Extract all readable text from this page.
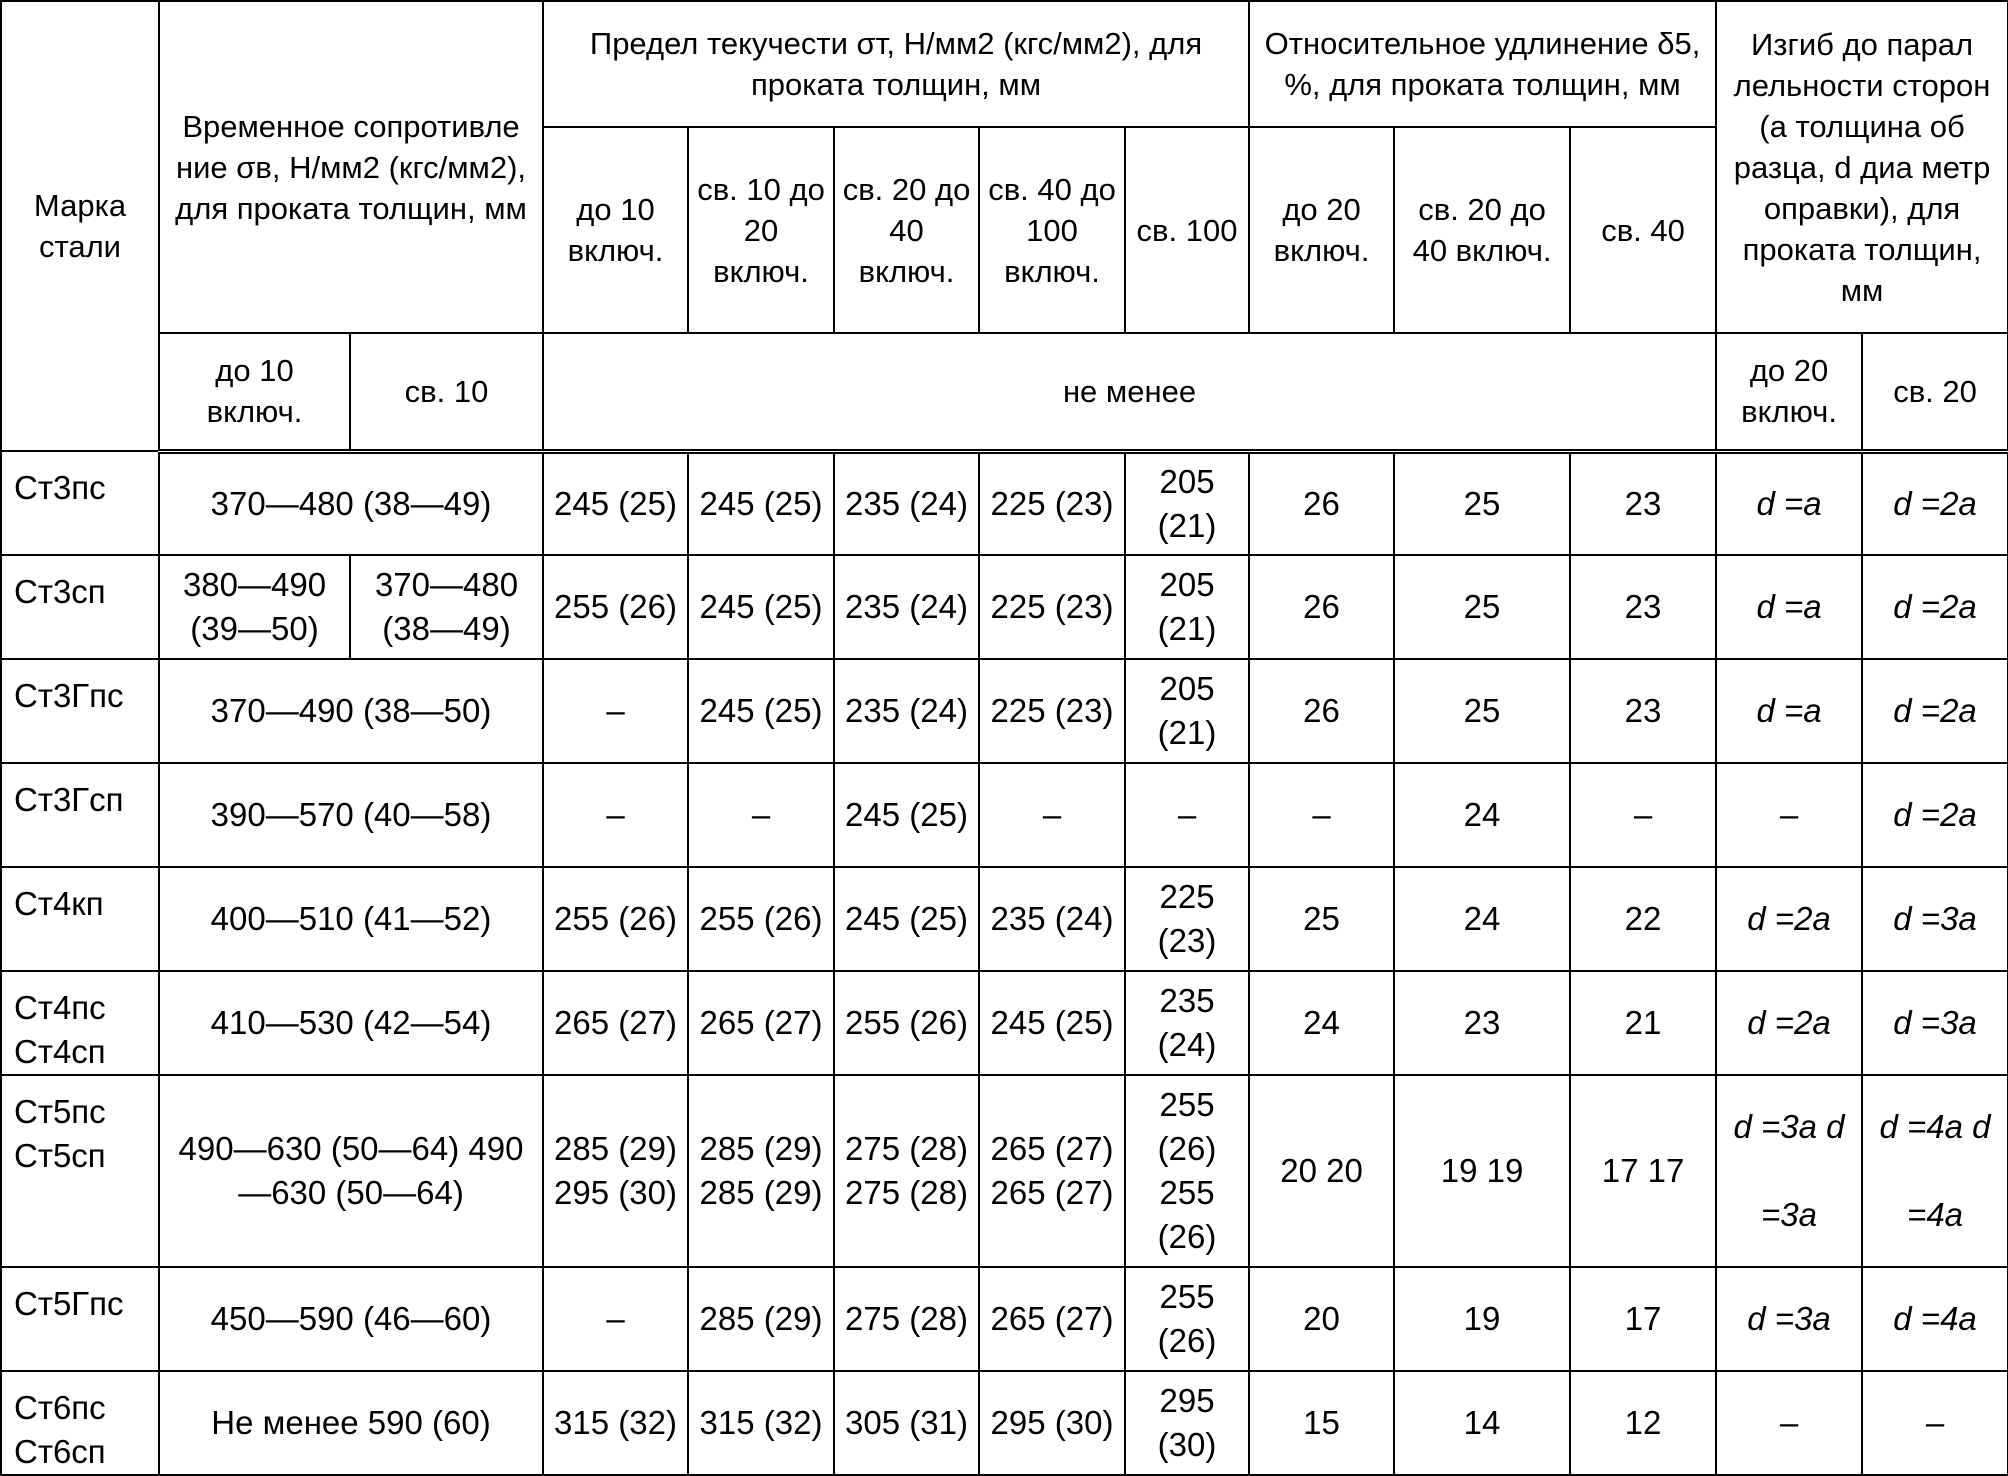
Марка стали	Временное сопротивле ние σв, Н/мм2 (кгс/мм2), для проката толщин, мм		Предел текучести σт, Н/мм2 (кгс/мм2), для проката толщин, мм					Относительное удлинение δ5, %, для проката толщин, мм			Изгиб до парал лельности сторон (a толщина об разца, d диа метр оправки), для проката толщин, мм	
			до 10 включ.	св. 10 до 20 включ.	св. 20 до 40 включ.	св. 40 до 100 включ.	св. 100	до 20 включ.	св. 20 до 40 включ.	св. 40		
	до 10 включ.	св. 10	не менее								до 20 включ.	св. 20
Ст3пс	370—480 (38—49)		245 (25)	245 (25)	235 (24)	225 (23)	205 (21)	26	25	23	d =a	d =2a
Ст3сп	380—490 (39—50)	370—480 (38—49)	255 (26)	245 (25)	235 (24)	225 (23)	205 (21)	26	25	23	d =a	d =2a
Ст3Гпс	370—490 (38—50)		–	245 (25)	235 (24)	225 (23)	205 (21)	26	25	23	d =a	d =2a
Ст3Гсп	390—570 (40—58)		–	–	245 (25)	–	–	–	24	–	–	d =2a
Ст4кп	400—510 (41—52)		255 (26)	255 (26)	245 (25)	235 (24)	225 (23)	25	24	22	d =2a	d =3a
Ст4пс Ст4сп	410—530 (42—54)		265 (27)	265 (27)	255 (26)	245 (25)	235 (24)	24	23	21	d =2a	d =3a
Ст5пс Ст5сп	490—630 (50—64) 490—630 (50—64)		285 (29) 295 (30)	285 (29) 285 (29)	275 (28) 275 (28)	265 (27) 265 (27)	255 (26) 255 (26)	20 20	19 19	17 17	d =3a d =3a	d =4a d =4a
Ст5Гпс	450—590 (46—60)		–	285 (29)	275 (28)	265 (27)	255 (26)	20	19	17	d =3a	d =4a
Ст6пс Ст6сп	Не менее 590 (60)		315 (32)	315 (32)	305 (31)	295 (30)	295 (30)	15	14	12	–	–
